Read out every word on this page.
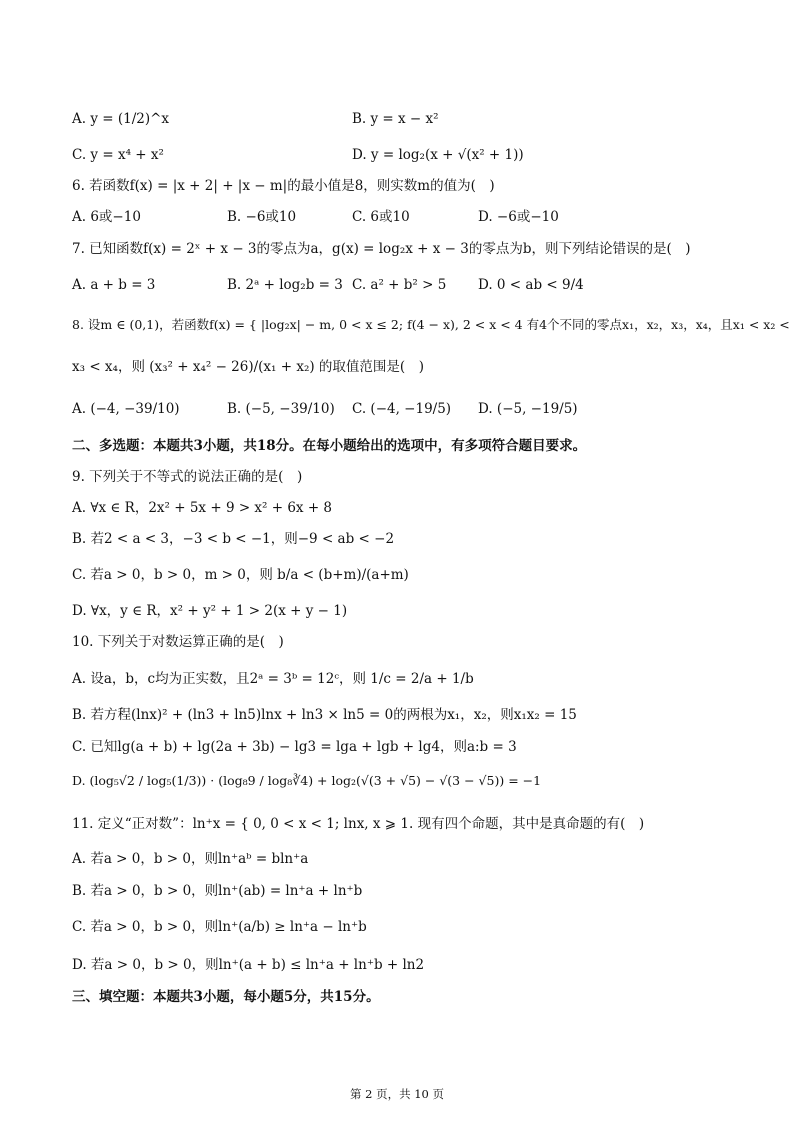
A. y = (1/2)^x	B. y = x − x²
C. y = x⁴ + x²	D. y = log₂(x + √(x² + 1))
6. 若函数f(x) = |x + 2| + |x − m|的最小值是8，则实数m的值为(　)
A. 6或−10	B. −6或10	C. 6或10	D. −6或−10
7. 已知函数f(x) = 2ˣ + x − 3的零点为a，g(x) = log₂x + x − 3的零点为b，则下列结论错误的是(　)
A. a + b = 3	B. 2ᵃ + log₂b = 3 C. a² + b² > 5 D. 0 < ab < 9/4
8. 设m ∈ (0,1)，若函数f(x) = { |log₂x| − m, 0 < x ≤ 2; f(4 − x), 2 < x < 4 有4个不同的零点x₁，x₂，x₃，x₄，且x₁ < x₂ <
x₃ < x₄，则 (x₃² + x₄² − 26)/(x₁ + x₂) 的取值范围是(　)
A. (−4, −39/10)	B. (−5, −39/10) C. (−4, −19/5) D. (−5, −19/5)
二、多选题：本题共3小题，共18分。在每小题给出的选项中，有多项符合题目要求。
9. 下列关于不等式的说法正确的是(　)
A. ∀x ∈ R，2x² + 5x + 9 > x² + 6x + 8
B. 若2 < a < 3，−3 < b < −1，则−9 < ab < −2
C. 若a > 0，b > 0，m > 0，则 b/a < (b+m)/(a+m)
D. ∀x，y ∈ R，x² + y² + 1 > 2(x + y − 1)
10. 下列关于对数运算正确的是(　)
A. 设a，b，c均为正实数，且2ᵃ = 3ᵇ = 12ᶜ，则 1/c = 2/a + 1/b
B. 若方程(lnx)² + (ln3 + ln5)lnx + ln3 × ln5 = 0的两根为x₁，x₂，则x₁x₂ = 15
C. 已知lg(a + b) + lg(2a + 3b) − lg3 = lga + lgb + lg4，则a:b = 3
D. (log₅√2 / log₅(1/3)) · (log₈9 / log₈∛4) + log₂(√(3 + √5) − √(3 − √5)) = −1
11. 定义“正对数”：ln⁺x = { 0, 0 < x < 1; lnx, x ⩾ 1. 现有四个命题，其中是真命题的有(　)
A. 若a > 0，b > 0，则ln⁺aᵇ = bln⁺a
B. 若a > 0，b > 0，则ln⁺(ab) = ln⁺a + ln⁺b
C. 若a > 0，b > 0，则ln⁺(a/b) ≥ ln⁺a − ln⁺b
D. 若a > 0，b > 0，则ln⁺(a + b) ≤ ln⁺a + ln⁺b + ln2
三、填空题：本题共3小题，每小题5分，共15分。
第 2 页，共 10 页
